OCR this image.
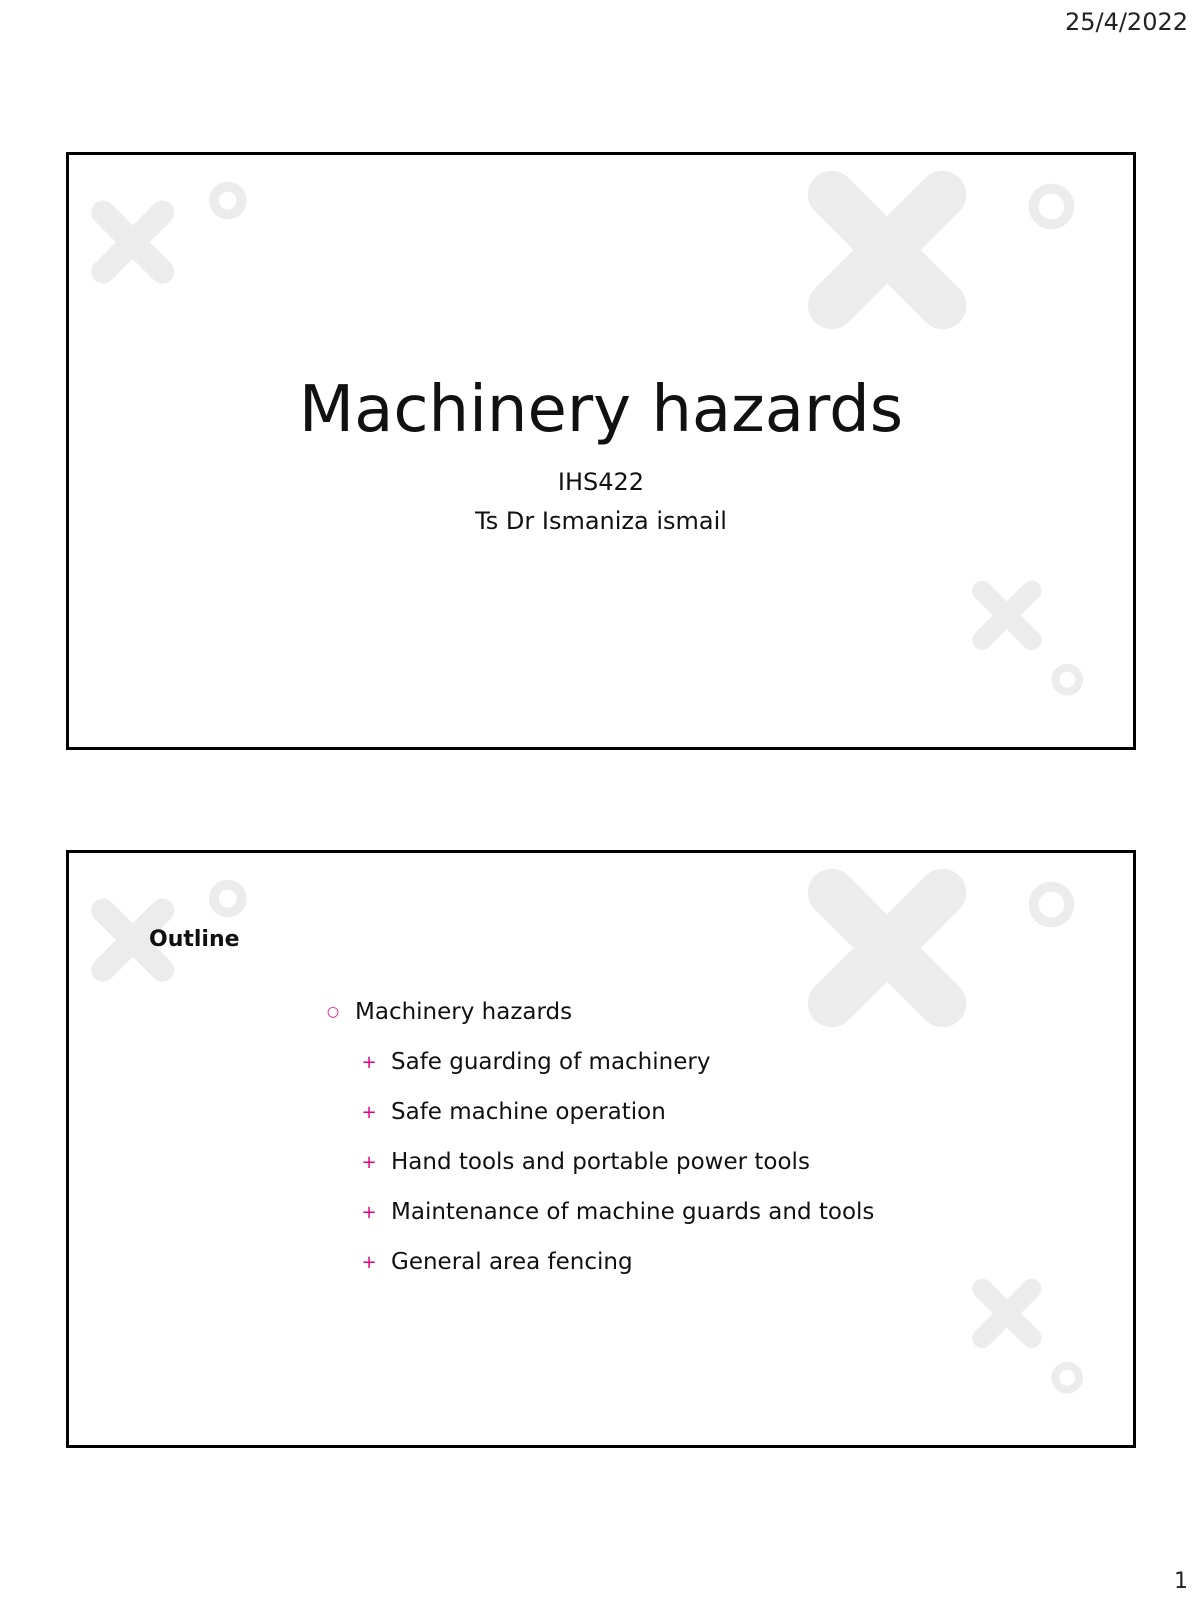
25/4/2022
Machinery hazards
IHS422
Ts Dr Ismaniza ismail
Outline
○ Machinery hazards
+ Safe guarding of machinery
+ Safe machine operation
+ Hand tools and portable power tools
+ Maintenance of machine guards and tools
+ General area fencing
1
